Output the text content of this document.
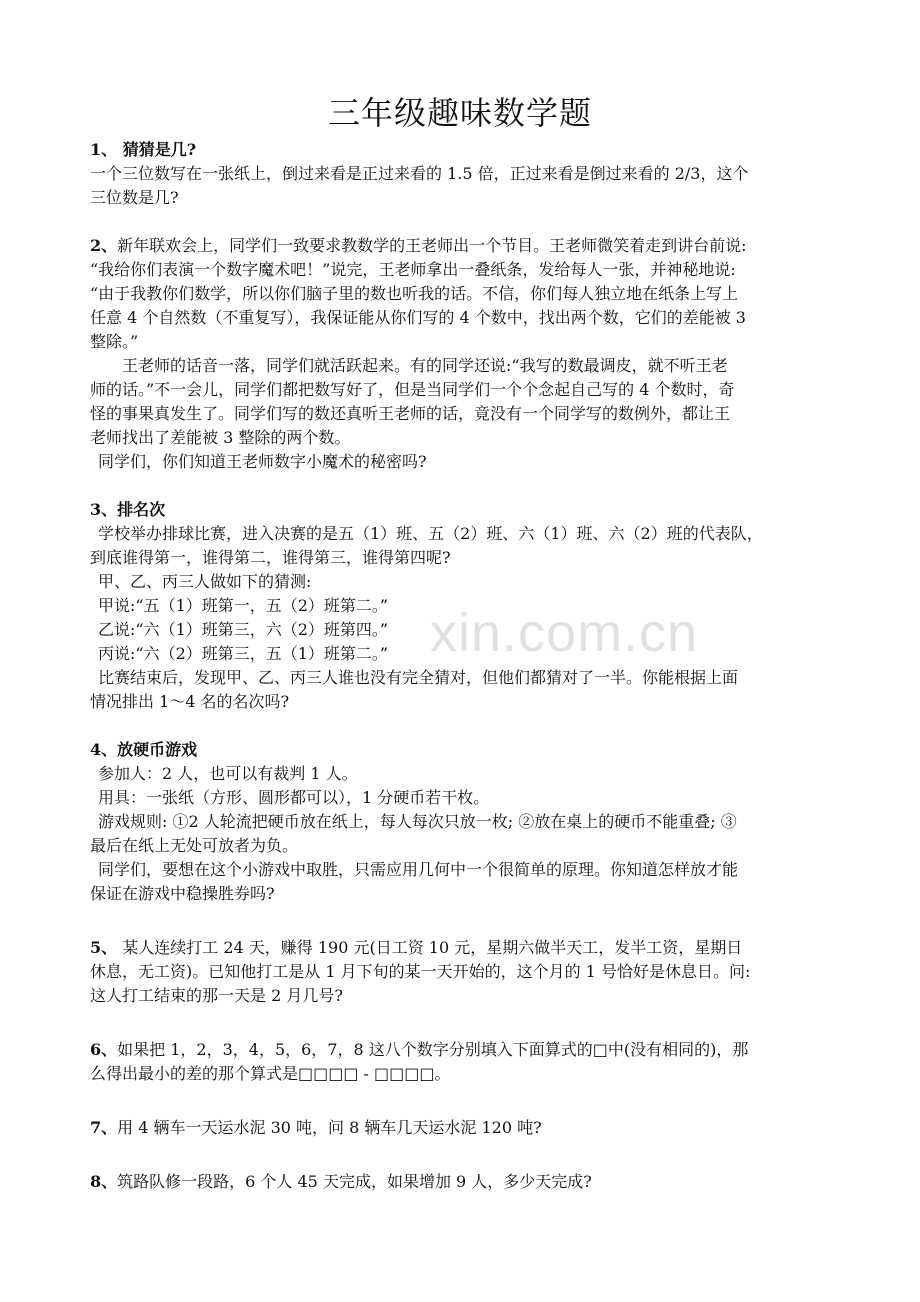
三年级趣味数学题
xin.com.cn

1、 猜猜是几?

一个三位数写在一张纸上，倒过来看是正过来看的 1.5 倍，正过来看是倒过来看的 2/3，这个

三位数是几?

2、新年联欢会上，同学们一致要求教数学的王老师出一个节目。王老师微笑着走到讲台前说:

“我给你们表演一个数字魔术吧！”说完，王老师拿出一叠纸条，发给每人一张，并神秘地说:

“由于我教你们数学，所以你们脑子里的数也听我的话。不信，你们每人独立地在纸条上写上

任意 4 个自然数（不重复写），我保证能从你们写的 4 个数中，找出两个数，它们的差能被 3

整除。”

王老师的话音一落，同学们就活跃起来。有的同学还说:“我写的数最调皮，就不听王老

师的话。”不一会儿，同学们都把数写好了，但是当同学们一个个念起自己写的 4 个数时，奇

怪的事果真发生了。同学们写的数还真听王老师的话，竟没有一个同学写的数例外，都让王

老师找出了差能被 3 整除的两个数。

同学们，你们知道王老师数字小魔术的秘密吗?

3、排名次

学校举办排球比赛，进入决赛的是五（1）班、五（2）班、六（1）班、六（2）班的代表队，

到底谁得第一，谁得第二，谁得第三，谁得第四呢?

甲、乙、丙三人做如下的猜测:

甲说:“五（1）班第一，五（2）班第二。”

乙说:“六（1）班第三，六（2）班第四。”

丙说:“六（2）班第三，五（1）班第二。”

比赛结束后，发现甲、乙、丙三人谁也没有完全猜对，但他们都猜对了一半。你能根据上面

情况排出 1～4 名的名次吗?

4、放硬币游戏

参加人：2 人，也可以有裁判 1 人。

用具：一张纸（方形、圆形都可以），1 分硬币若干枚。

游戏规则: ①2 人轮流把硬币放在纸上，每人每次只放一枚; ②放在桌上的硬币不能重叠; ③

最后在纸上无处可放者为负。

同学们，要想在这个小游戏中取胜，只需应用几何中一个很简单的原理。你知道怎样放才能

保证在游戏中稳操胜券吗?

5、 某人连续打工 24 天，赚得 190 元(日工资 10 元，星期六做半天工，发半工资，星期日

休息，无工资)。已知他打工是从 1 月下旬的某一天开始的，这个月的 1 号恰好是休息日。问:

这人打工结束的那一天是 2 月几号?

6、如果把 1，2，3，4，5，6，7，8 这八个数字分别填入下面算式的□中(没有相同的)，那

么得出最小的差的那个算式是□□□□ - □□□□。

7、用 4 辆车一天运水泥 30 吨，问 8 辆车几天运水泥 120 吨?

8、筑路队修一段路，6 个人 45 天完成，如果增加 9 人，多少天完成?
